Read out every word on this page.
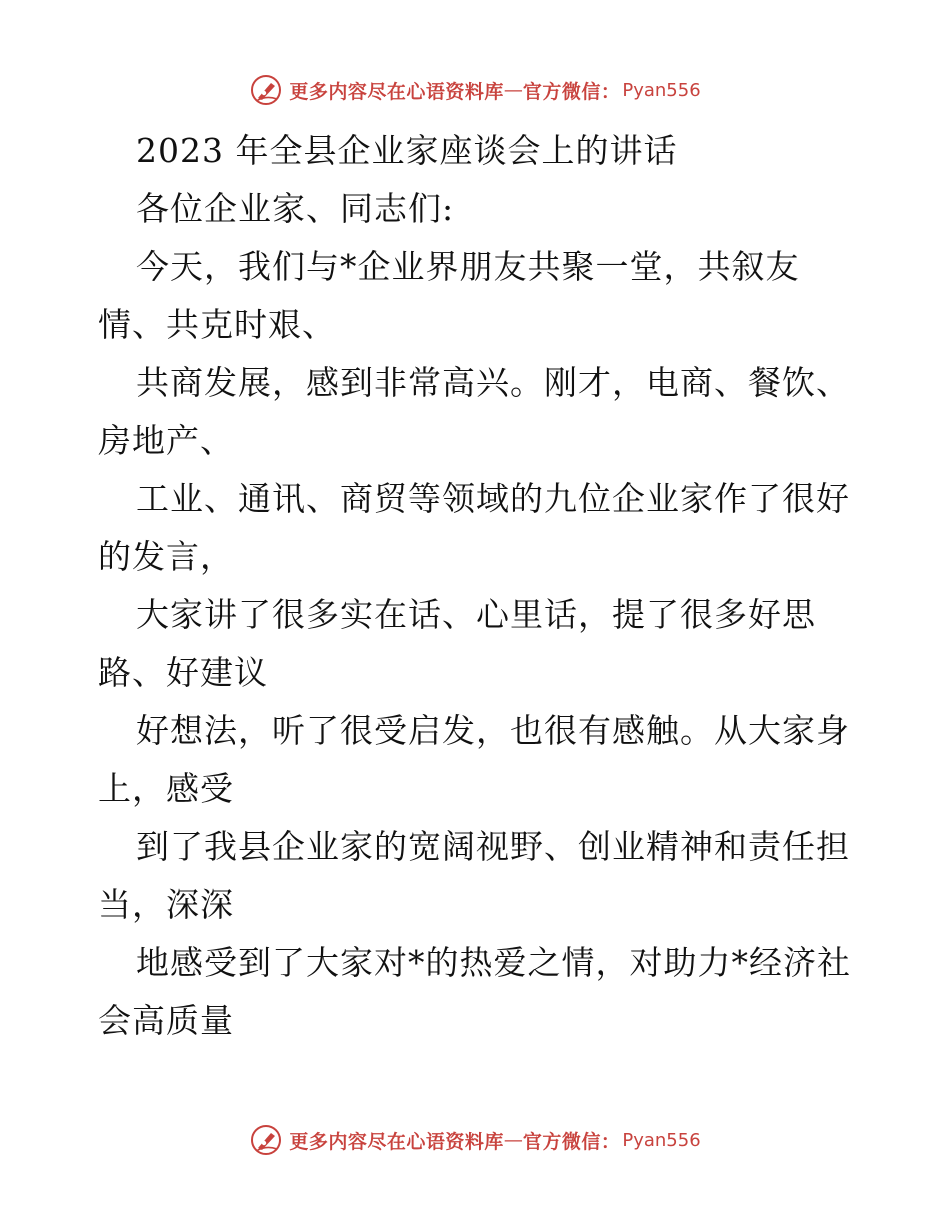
更多内容尽在心语资料库 — 官方微信： Pyan556
2023 年全县企业家座谈会上的讲话
各位企业家、同志们:
今天，我们与*企业界朋友共聚一堂，共叙友
情、共克时艰、
共商发展，感到非常高兴。刚才，电商、餐饮、
房地产、
工业、通讯、商贸等领域的九位企业家作了很好
的发言，
大家讲了很多实在话、心里话，提了很多好思
路、好建议
好想法，听了很受启发，也很有感触。从大家身
上，感受
到了我县企业家的宽阔视野、创业精神和责任担
当，深深
地感受到了大家对*的热爱之情，对助力*经济社
会高质量
更多内容尽在心语资料库 — 官方微信： Pyan556
